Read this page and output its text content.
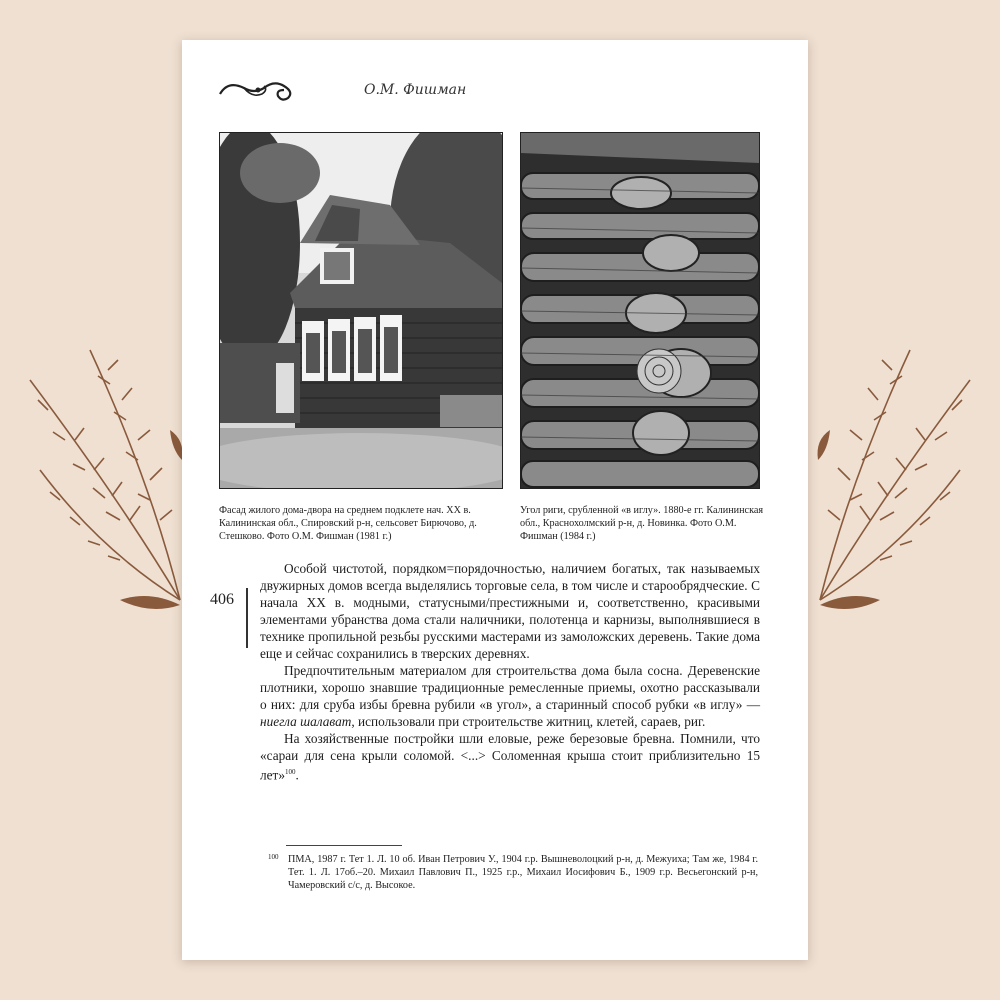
О.М. Фишман
Фасад жилого дома-двора на среднем подклете нач. XX в. Калининская обл., Спировский р-н, сельсовет Бирючово, д. Стешково. Фото О.М. Фишман (1981 г.)
Угол риги, срубленной «в иглу». 1880-е гг. Калининская обл., Краснохолмский р-н, д. Новинка. Фото О.М. Фишман (1984 г.)
406

Особой чистотой, порядком=порядочностью, наличием богатых, так называемых двужирных домов всегда выделялись торговые села, в том числе и старообрядческие. С начала XX в. модными, статусными/престижными и, соответственно, красивыми элементами убранства дома стали наличники, полотенца и карнизы, выполнявшиеся в технике пропильной резьбы русскими мастерами из замоложских деревень. Такие дома еще и сейчас сохранились в тверских деревнях.

Предпочтительным материалом для строительства дома была сосна. Деревенские плотники, хорошо знавшие традиционные ремесленные приемы, охотно рассказывали о них: для сруба избы бревна рубили «в угол», а старинный способ рубки «в иглу» — ниегла шалават, использовали при строительстве житниц, клетей, сараев, риг.

На хозяйственные постройки шли еловые, реже березовые бревна. Помнили, что «сараи для сена крыли соломой. <...> Соломенная крыша стоит приблизительно 15 лет»$^{100}$.

100 ПМА, 1987 г. Тет 1. Л. 10 об. Иван Петрович У., 1904 г.р. Вышневолоцкий р-н, д. Межуиха; Там же, 1984 г. Тет. 1. Л. 17об.–20. Михаил Павлович П., 1925 г.р., Михаил Иосифович Б., 1909 г.р. Весьегонский р-н, Чамеровский с/с, д. Высокое.
